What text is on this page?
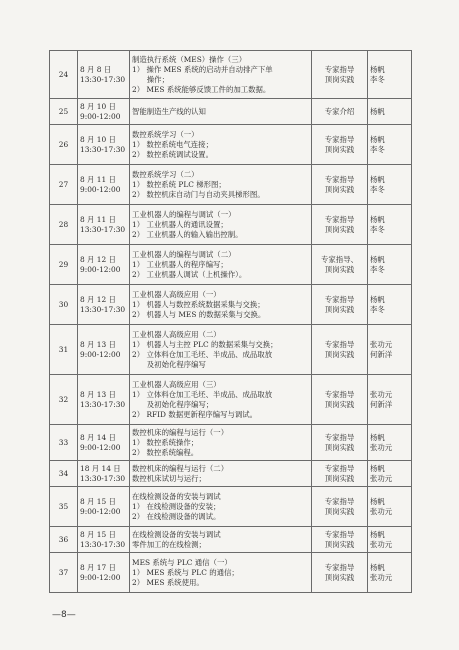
24	8 月 8 日
13:30-17:30	制造执行系统（MES）操作（三）
1） 操作 MES 系统的启动并自动排产下单
　　操作；
2） MES 系统能够反馈工件的加工数据。	专家指导
顶岗实践	杨帆
李冬

25	8 月 10 日
9:00-12:00	智能制造生产线的认知	专家介绍	杨帆

26	8 月 10 日
13:30-17:30	数控系统学习（一）
1） 数控系统电气连接；
2） 数控系统调试设置。	专家指导
顶岗实践	杨帆
李冬

27	8 月 11 日
9:00-12:00	数控系统学习（二）
1） 数控系统 PLC 梯形图；
2） 数控机床自动门与自动夹具梯形图。	专家指导
顶岗实践	杨帆
李冬

28	8 月 11 日
13:30-17:30	工业机器人的编程与调试（一）
1） 工业机器人的通讯设置；
2） 工业机器人的输入输出控制。	专家指导
顶岗实践	杨帆
李冬

29	8 月 12 日
9:00-12:00	工业机器人的编程与调试（二）
1） 工业机器人的程序编写；
2） 工业机器人调试（上机操作）。	专家指导、
顶岗实践	杨帆
李冬

30	8 月 12 日
13:30-17:30	工业机器人高级应用（一）
1） 机器人与数控系统数据采集与交换；
2） 机器人与 MES 的数据采集与交换。	专家指导
顶岗实践	杨帆
李冬

31	8 月 13 日
9:00-12:00	工业机器人高级应用（二）
1） 机器人与主控 PLC 的数据采集与交换；
2） 立体料仓加工毛坯、半成品、成品取放
　　及初始化程序编写	专家指导
顶岗实践	张功元
何新洋

32	8 月 13 日
13:30-17:30	工业机器人高级应用（三）
1） 立体料仓加工毛坯、半成品、成品取放
　　及初始化程序编写；
2） RFID 数据更新程序编写与调试。	专家指导
顶岗实践	张功元
何新洋

33	8 月 14 日
9:00-12:00	数控机床的编程与运行（一）
1） 数控系统操作；
2） 数控系统编程。	专家指导
顶岗实践	杨帆
张功元

34	18 月 14 日
13:30-17:30	数控机床的编程与运行（二）
数控机床试切与运行；	专家指导
顶岗实践	杨帆
张功元

35	8 月 15 日
9:00-12:00	在线检测设备的安装与调试
1） 在线检测设备的安装；
2） 在线检测设备的调试。	专家指导
顶岗实践	杨帆
张功元

36	8 月 15 日
13:30-17:30	在线检测设备的安装与调试
零件加工的在线检测；	专家指导
顶岗实践	杨帆
张功元

37	8 月 17 日
9:00-12:00	MES 系统与 PLC 通信（一）
1） MES 系统与 PLC 的通信；
2） MES 系统使用。	专家指导
顶岗实践	杨帆
张功元
—8—
